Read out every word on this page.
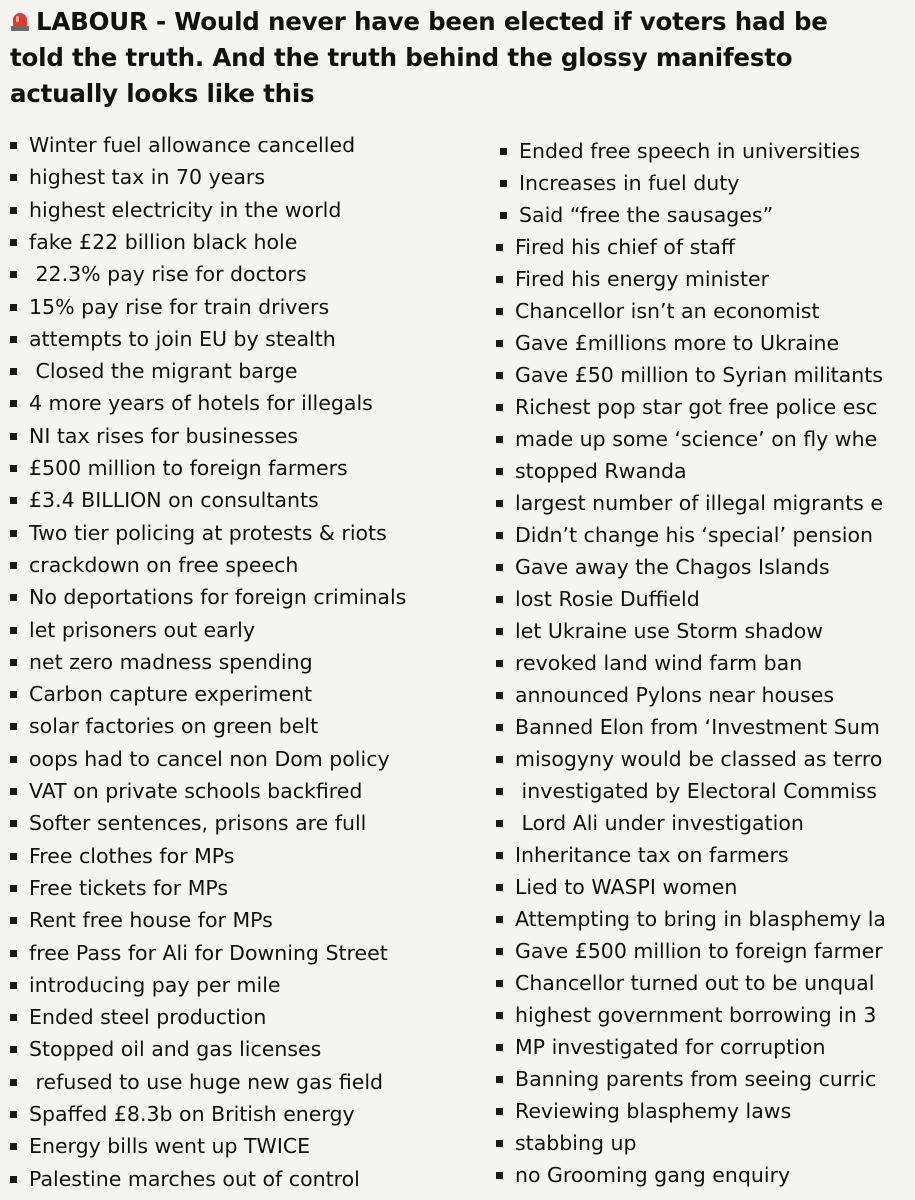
LABOUR - Would never have been elected if voters had be
told the truth. And the truth behind the glossy manifesto
actually looks like this
Winter fuel allowance cancelled
highest tax in 70 years
highest electricity in the world
fake £22 billion black hole
22.3% pay rise for doctors
15% pay rise for train drivers
attempts to join EU by stealth
Closed the migrant barge
4 more years of hotels for illegals
NI tax rises for businesses
£500 million to foreign farmers
£3.4 BILLION on consultants
Two tier policing at protests & riots
crackdown on free speech
No deportations for foreign criminals
let prisoners out early
net zero madness spending
Carbon capture experiment
solar factories on green belt
oops had to cancel non Dom policy
VAT on private schools backfired
Softer sentences, prisons are full
Free clothes for MPs
Free tickets for MPs
Rent free house for MPs
free Pass for Ali for Downing Street
introducing pay per mile
Ended steel production
Stopped oil and gas licenses
refused to use huge new gas field
Spaffed £8.3b on British energy
Energy bills went up TWICE
Palestine marches out of control
Ended free speech in universities
Increases in fuel duty
Said “free the sausages”
Fired his chief of staff
Fired his energy minister
Chancellor isn’t an economist
Gave £millions more to Ukraine
Gave £50 million to Syrian militants
Richest pop star got free police esc
made up some ‘science’ on fly whe
stopped Rwanda
largest number of illegal migrants e
Didn’t change his ‘special’ pension
Gave away the Chagos Islands
lost Rosie Duffield
let Ukraine use Storm shadow
revoked land wind farm ban
announced Pylons near houses
Banned Elon from ‘Investment Sum
misogyny would be classed as terro
investigated by Electoral Commiss
Lord Ali under investigation
Inheritance tax on farmers
Lied to WASPI women
Attempting to bring in blasphemy la
Gave £500 million to foreign farmer
Chancellor turned out to be unqual
highest government borrowing in 3
MP investigated for corruption
Banning parents from seeing curric
Reviewing blasphemy laws
stabbing up
no Grooming gang enquiry
